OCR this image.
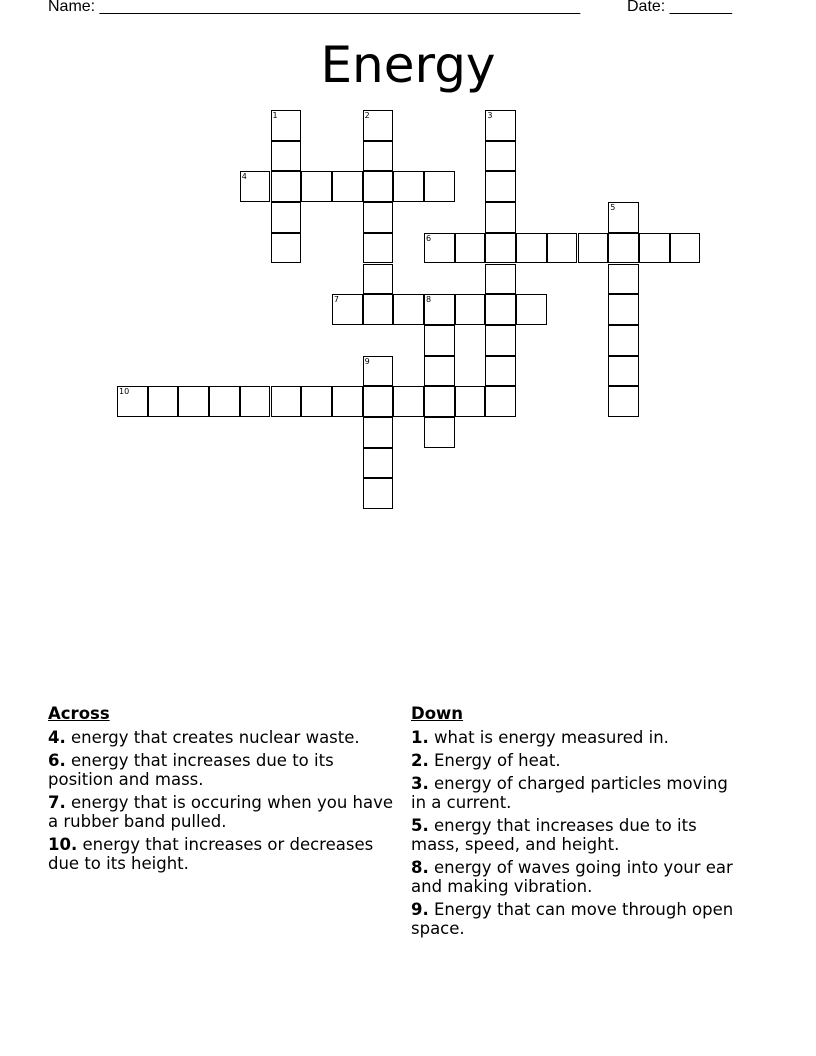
Name: ______________________________________________________	Date: _______
Energy
1	2	3
4
5
6
7	8
9
10
Across
4. energy that creates nuclear waste.
6. energy that increases due to its position and mass.
7. energy that is occuring when you have a rubber band pulled.
10. energy that increases or decreases due to its height.
Down
1. what is energy measured in.
2. Energy of heat.
3. energy of charged particles moving in a current.
5. energy that increases due to its mass, speed, and height.
8. energy of waves going into your ear and making vibration.
9. Energy that can move through open space.
